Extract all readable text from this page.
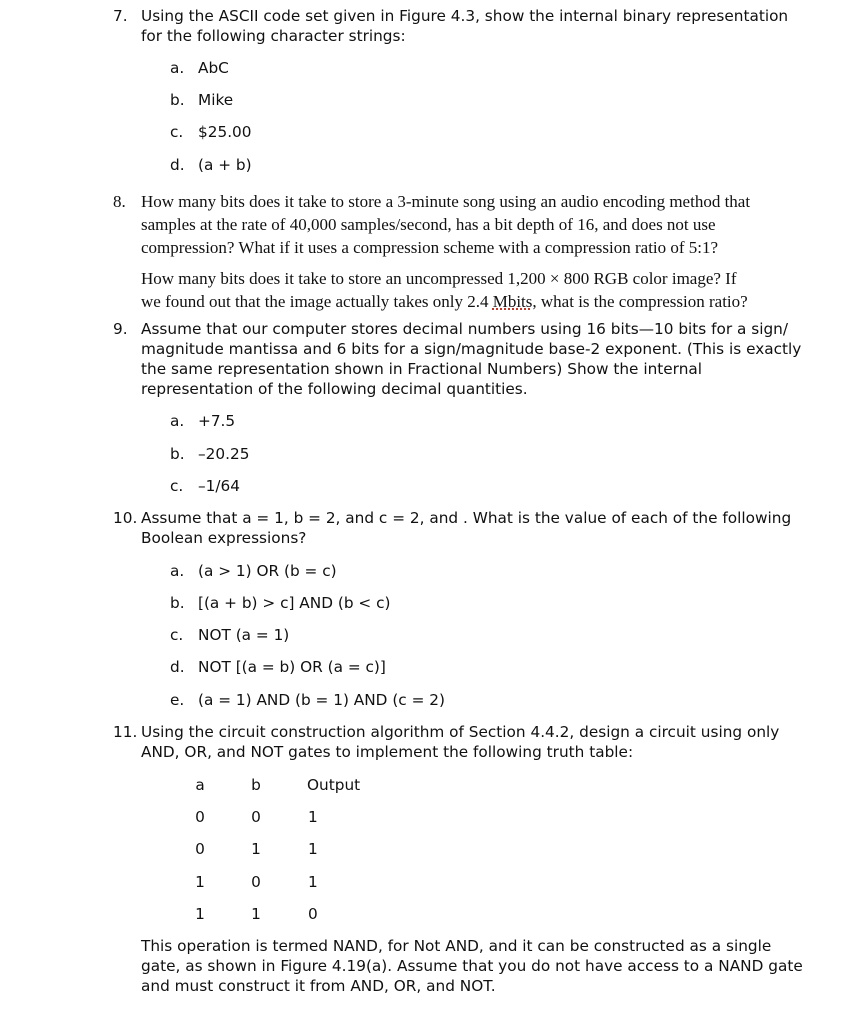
7. Using the ASCII code set given in Figure 4.3, show the internal binary representation
for the following character strings:
a. AbC
b. Mike
c. $25.00
d. (a + b)
8. How many bits does it take to store a 3-minute song using an audio encoding method that
samples at the rate of 40,000 samples/second, has a bit depth of 16, and does not use
compression? What if it uses a compression scheme with a compression ratio of 5:1?
How many bits does it take to store an uncompressed 1,200 × 800 RGB color image? If
we found out that the image actually takes only 2.4 Mbits, what is the compression ratio?
9. Assume that our computer stores decimal numbers using 16 bits—10 bits for a sign/
magnitude mantissa and 6 bits for a sign/magnitude base-2 exponent. (This is exactly
the same representation shown in Fractional Numbers) Show the internal
representation of the following decimal quantities.
a. +7.5
b. –20.25
c. –1/64
10. Assume that a = 1, b = 2, and c = 2, and . What is the value of each of the following
Boolean expressions?
a. (a > 1) OR (b = c)
b. [(a + b) > c] AND (b < c)
c. NOT (a = 1)
d. NOT [(a = b) OR (a = c)]
e. (a = 1) AND (b = 1) AND (c = 2)
11. Using the circuit construction algorithm of Section 4.4.2, design a circuit using only
AND, OR, and NOT gates to implement the following truth table:
a	b	Output
0	0	1
0	1	1
1	0	1
1	1	0
This operation is termed NAND, for Not AND, and it can be constructed as a single
gate, as shown in Figure 4.19(a). Assume that you do not have access to a NAND gate
and must construct it from AND, OR, and NOT.
